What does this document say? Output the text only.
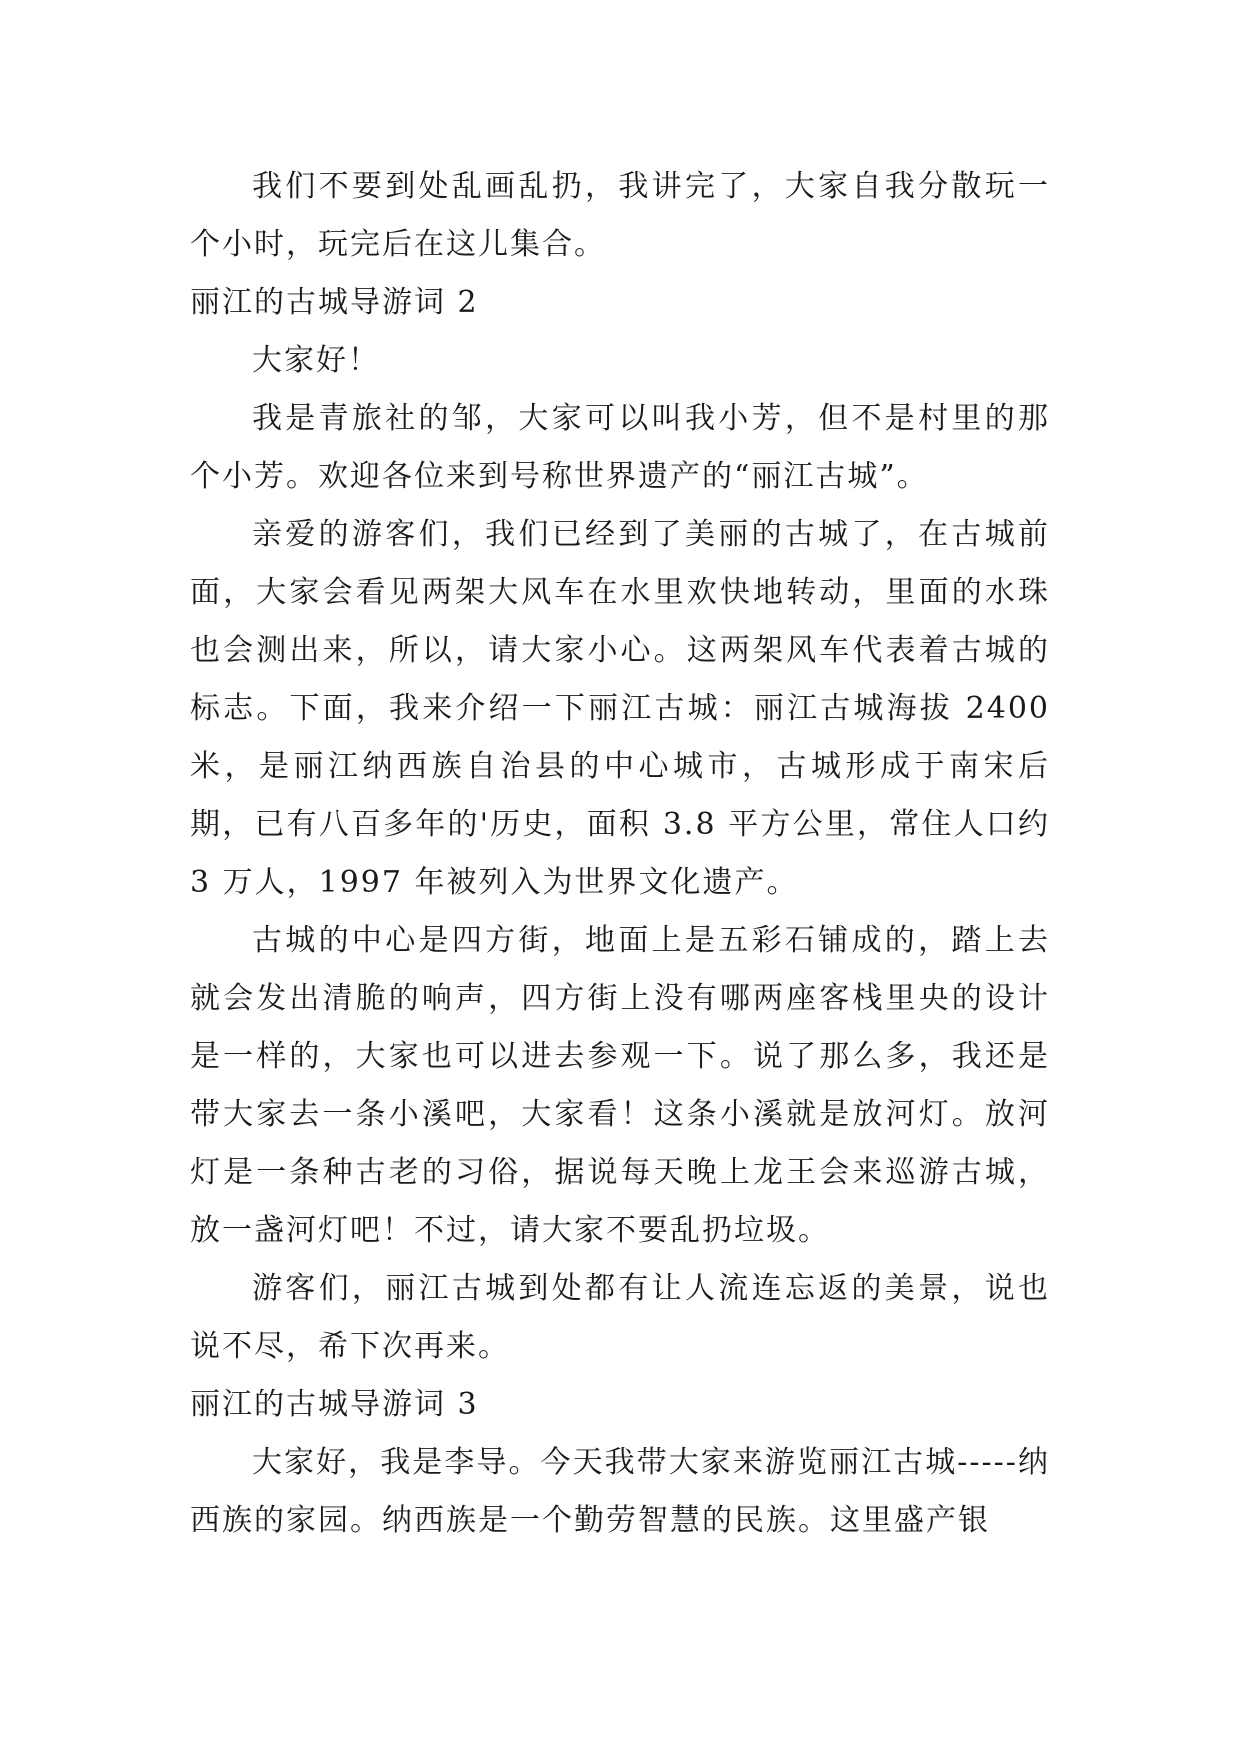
我们不要到处乱画乱扔，我讲完了，大家自我分散玩一个小时，玩完后在这儿集合。

丽江的古城导游词 2

大家好！

我是青旅社的邹，大家可以叫我小芳，但不是村里的那个小芳。欢迎各位来到号称世界遗产的“丽江古城”。

亲爱的游客们，我们已经到了美丽的古城了，在古城前面，大家会看见两架大风车在水里欢快地转动，里面的水珠也会测出来，所以，请大家小心。这两架风车代表着古城的标志。下面，我来介绍一下丽江古城：丽江古城海拔 2400 米，是丽江纳西族自治县的中心城市，古城形成于南宋后期，已有八百多年的'历史，面积 3.8 平方公里，常住人口约 3 万人，1997 年被列入为世界文化遗产。

古城的中心是四方街，地面上是五彩石铺成的，踏上去就会发出清脆的响声，四方街上没有哪两座客栈里央的设计是一样的，大家也可以进去参观一下。说了那么多，我还是带大家去一条小溪吧，大家看！这条小溪就是放河灯。放河灯是一条种古老的习俗，据说每天晚上龙王会来巡游古城，放一盏河灯吧！不过，请大家不要乱扔垃圾。

游客们，丽江古城到处都有让人流连忘返的美景，说也说不尽，希下次再来。

丽江的古城导游词 3

大家好，我是李导。今天我带大家来游览丽江古城-----纳西族的家园。纳西族是一个勤劳智慧的民族。这里盛产银
